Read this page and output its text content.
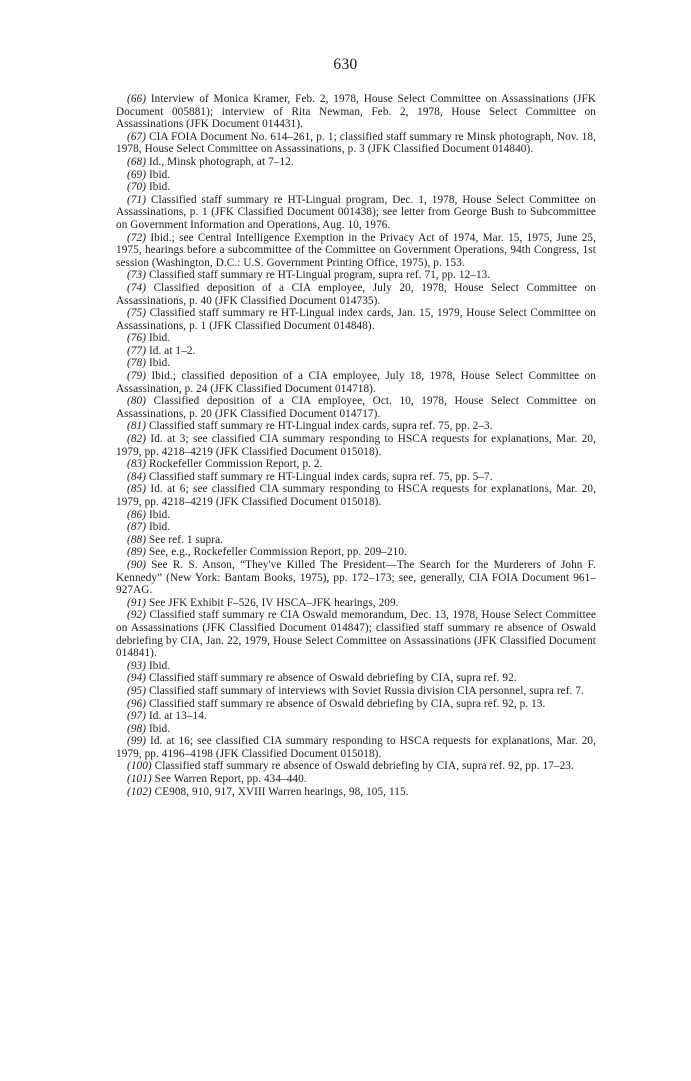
630

(66) Interview of Monica Kramer, Feb. 2, 1978, House Select Committee on Assassinations (JFK Document 005881); interview of Rita Newman, Feb. 2, 1978, House Select Committee on Assassinations (JFK Document 014431).

(67) CIA FOIA Document No. 614–261, p. 1; classified staff summary re Minsk photograph, Nov. 18, 1978, House Select Committee on Assassinations, p. 3 (JFK Classified Document 014840).

(68) Id., Minsk photograph, at 7–12.

(69) Ibid.

(70) Ibid.

(71) Classified staff summary re HT-Lingual program, Dec. 1, 1978, House Select Committee on Assassinations, p. 1 (JFK Classified Document 001438); see letter from George Bush to Subcommittee on Government Information and Operations, Aug. 10, 1976.

(72) Ibid.; see Central Intelligence Exemption in the Privacy Act of 1974, Mar. 15, 1975, June 25, 1975, hearings before a subcommittee of the Committee on Government Operations, 94th Congress, 1st session (Washington, D.C.: U.S. Government Printing Office, 1975), p. 153.

(73) Classified staff summary re HT-Lingual program, supra ref. 71, pp. 12–13.

(74) Classified deposition of a CIA employee, July 20, 1978, House Select Committee on Assassinations, p. 40 (JFK Classified Document 014735).

(75) Classified staff summary re HT-Lingual index cards, Jan. 15, 1979, House Select Committee on Assassinations, p. 1 (JFK Classified Document 014848).

(76) Ibid.

(77) Id. at 1–2.

(78) Ibid.

(79) Ibid.; classified deposition of a CIA employee, July 18, 1978, House Select Committee on Assassination, p. 24 (JFK Classified Document 014718).

(80) Classified deposition of a CIA employee, Oct. 10, 1978, House Select Committee on Assassinations, p. 20 (JFK Classified Document 014717).

(81) Classified staff summary re HT-Lingual index cards, supra ref. 75, pp. 2–3.

(82) Id. at 3; see classified CIA summary responding to HSCA requests for explanations, Mar. 20, 1979, pp. 4218–4219 (JFK Classified Document 015018).

(83) Rockefeller Commission Report, p. 2.

(84) Classified staff summary re HT-Lingual index cards, supra ref. 75, pp. 5–7.

(85) Id. at 6; see classified CIA summary responding to HSCA requests for explanations, Mar. 20, 1979, pp. 4218–4219 (JFK Classified Document 015018).

(86) Ibid.

(87) Ibid.

(88) See ref. 1 supra.

(89) See, e.g., Rockefeller Commission Report, pp. 209–210.

(90) See R. S. Anson, “They've Killed The President—The Search for the Murderers of John F. Kennedy” (New York: Bantam Books, 1975), pp. 172–173; see, generally, CIA FOIA Document 961–927AG.

(91) See JFK Exhibit F–526, IV HSCA–JFK hearings, 209.

(92) Classified staff summary re CIA Oswald memorandum, Dec. 13, 1978, House Select Committee on Assassinations (JFK Classified Document 014847); classified staff summary re absence of Oswald debriefing by CIA, Jan. 22, 1979, House Select Committee on Assassinations (JFK Classified Document 014841).

(93) Ibid.

(94) Classified staff summary re absence of Oswald debriefing by CIA, supra ref. 92.

(95) Classified staff summary of interviews with Soviet Russia division CIA personnel, supra ref. 7.

(96) Classified staff summary re absence of Oswald debriefing by CIA, supra ref. 92, p. 13.

(97) Id. at 13–14.

(98) Ibid.

(99) Id. at 16; see classified CIA summary responding to HSCA requests for explanations, Mar. 20, 1979, pp. 4196–4198 (JFK Classified Document 015018).

(100) Classified staff summary re absence of Oswald debriefing by CIA, supra ref. 92, pp. 17–23.

(101) See Warren Report, pp. 434–440.

(102) CE908, 910, 917, XVIII Warren hearings, 98, 105, 115.
